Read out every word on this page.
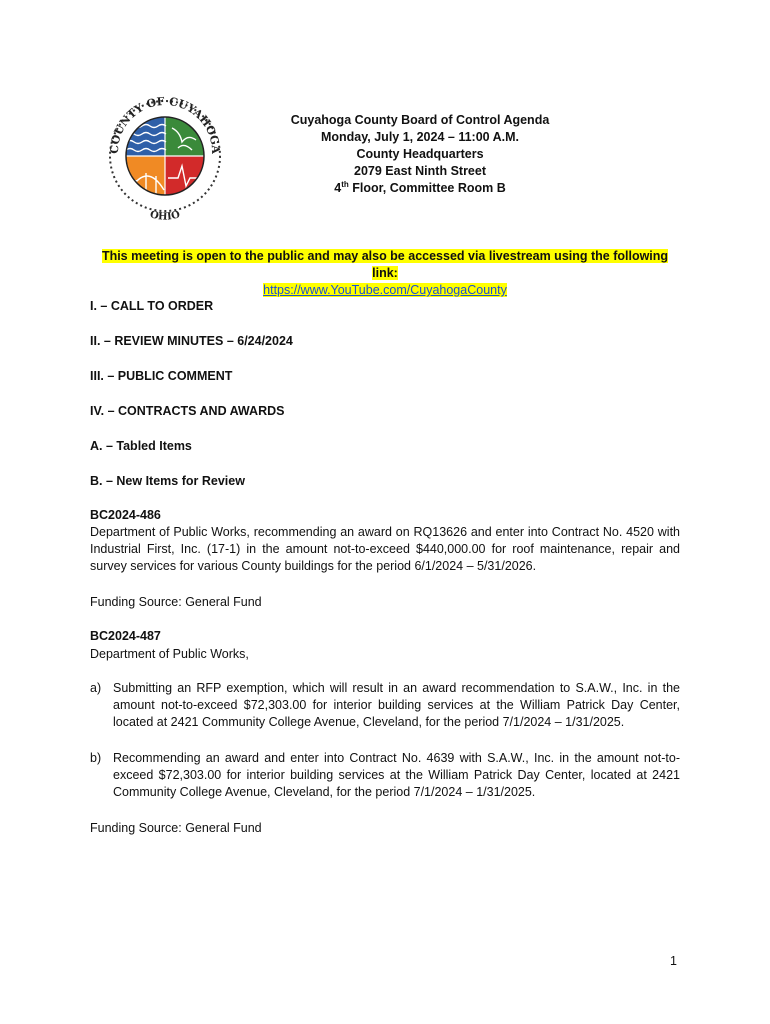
COUNTY OF CUYAHOGA
OHIO
Cuyahoga County Board of Control Agenda
Monday, July 1, 2024 – 11:00 A.M.
County Headquarters
2079 East Ninth Street
4th Floor, Committee Room B
This meeting is open to the public and may also be accessed via livestream using the following link:
https://www.YouTube.com/CuyahogaCounty
I. – CALL TO ORDER
II. – REVIEW MINUTES – 6/24/2024
III. – PUBLIC COMMENT
IV. – CONTRACTS AND AWARDS
A. – Tabled Items
B. – New Items for Review
BC2024-486
Department of Public Works, recommending an award on RQ13626 and enter into Contract No. 4520 with Industrial First, Inc. (17-1) in the amount not-to-exceed $440,000.00 for roof maintenance, repair and survey services for various County buildings for the period 6/1/2024 – 5/31/2026.
Funding Source: General Fund
BC2024-487
Department of Public Works,
a) Submitting an RFP exemption, which will result in an award recommendation to S.A.W., Inc. in the amount not-to-exceed $72,303.00 for interior building services at the William Patrick Day Center, located at 2421 Community College Avenue, Cleveland, for the period 7/1/2024 – 1/31/2025.
b) Recommending an award and enter into Contract No. 4639 with S.A.W., Inc. in the amount not-to-exceed $72,303.00 for interior building services at the William Patrick Day Center, located at 2421 Community College Avenue, Cleveland, for the period 7/1/2024 – 1/31/2025.
Funding Source: General Fund
1
